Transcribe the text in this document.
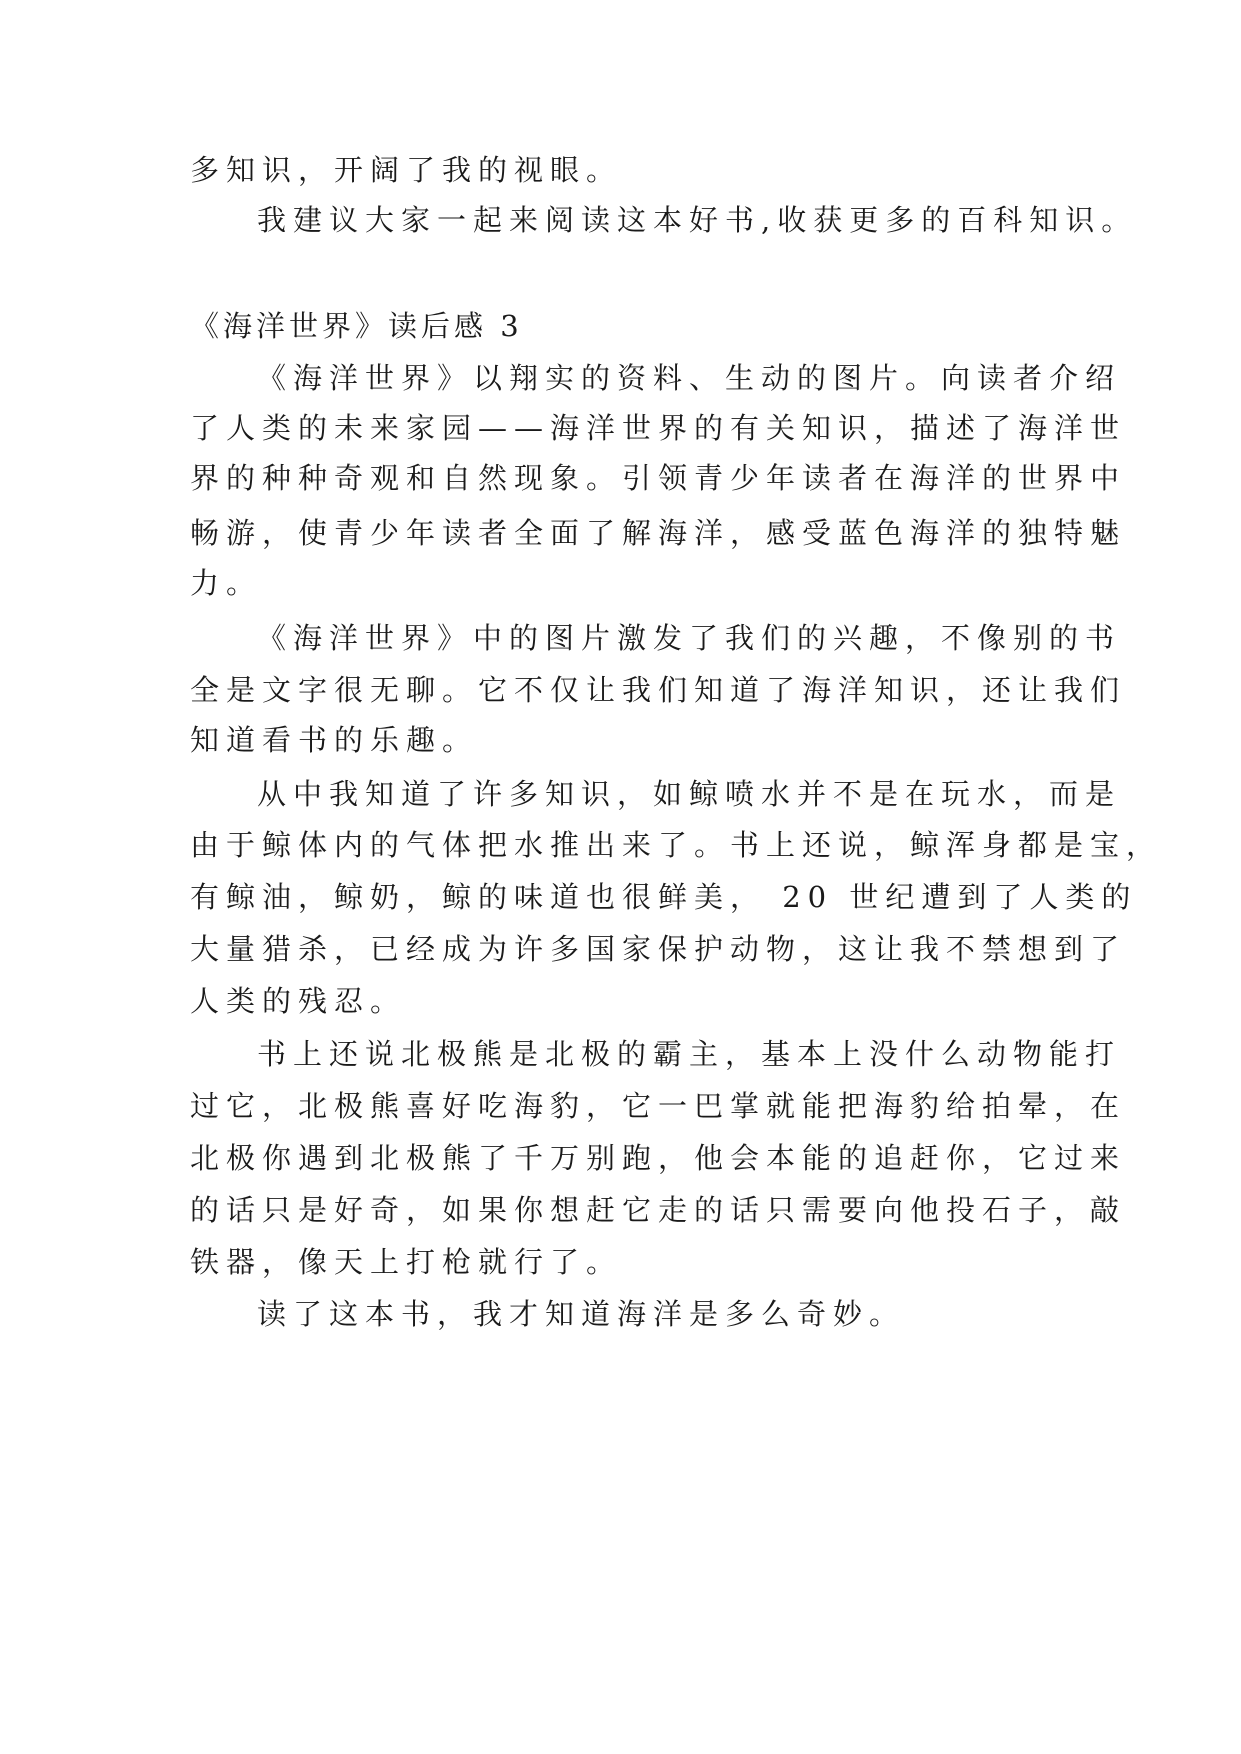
多知识，开阔了我的视眼。
我建议大家一起来阅读这本好书,收获更多的百科知识。
《海洋世界》读后感 3
《海洋世界》以翔实的资料、生动的图片。向读者介绍
了人类的未来家园——海洋世界的有关知识，描述了海洋世
界的种种奇观和自然现象。引领青少年读者在海洋的世界中
畅游，使青少年读者全面了解海洋，感受蓝色海洋的独特魅
力。
《海洋世界》中的图片激发了我们的兴趣，不像别的书
全是文字很无聊。它不仅让我们知道了海洋知识，还让我们
知道看书的乐趣。
从中我知道了许多知识，如鲸喷水并不是在玩水，而是
由于鲸体内的气体把水推出来了。书上还说，鲸浑身都是宝，
有鲸油，鲸奶，鲸的味道也很鲜美， 20 世纪遭到了人类的
大量猎杀，已经成为许多国家保护动物，这让我不禁想到了
人类的残忍。
书上还说北极熊是北极的霸主，基本上没什么动物能打
过它，北极熊喜好吃海豹，它一巴掌就能把海豹给拍晕，在
北极你遇到北极熊了千万别跑，他会本能的追赶你，它过来
的话只是好奇，如果你想赶它走的话只需要向他投石子，敲
铁器，像天上打枪就行了。
读了这本书，我才知道海洋是多么奇妙。
